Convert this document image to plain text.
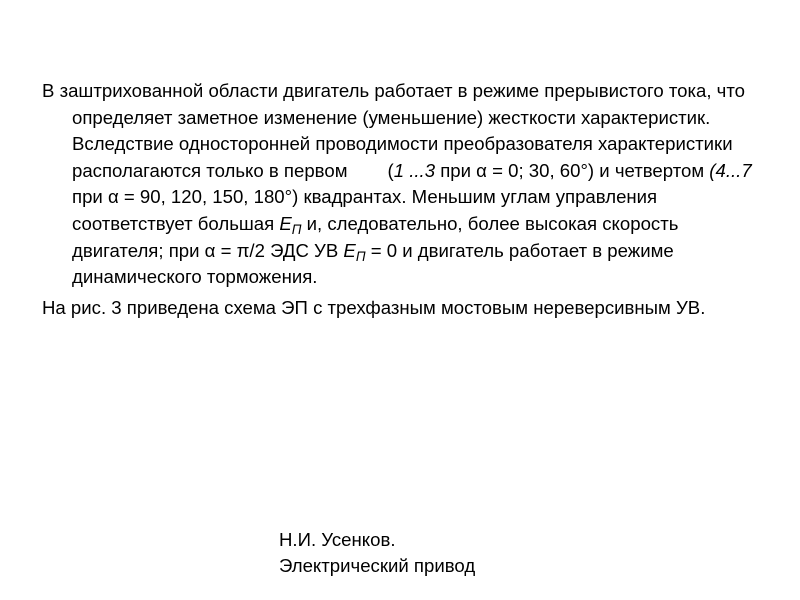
В заштрихованной области двигатель работает в режиме прерывистого тока, что определяет заметное изменение (уменьшение) жесткости характеристик. Вследствие односторонней проводимости преобразователя характеристики располагаются только в первом (1 ...3 при α = 0; 30, 60°) и четвертом (4...7 при α = 90, 120, 150, 180°) квадрантах. Меньшим углам управления соответствует большая $E_П$ и, следовательно, более высокая скорость двигателя; при α = π/2 ЭДС УВ $E_П = 0$ и двигатель работает в режиме динамического торможения.

На рис. 3 приведена схема ЭП с трехфазным мостовым нереверсивным УВ.

Н.И. Усенков.
Электрический привод
